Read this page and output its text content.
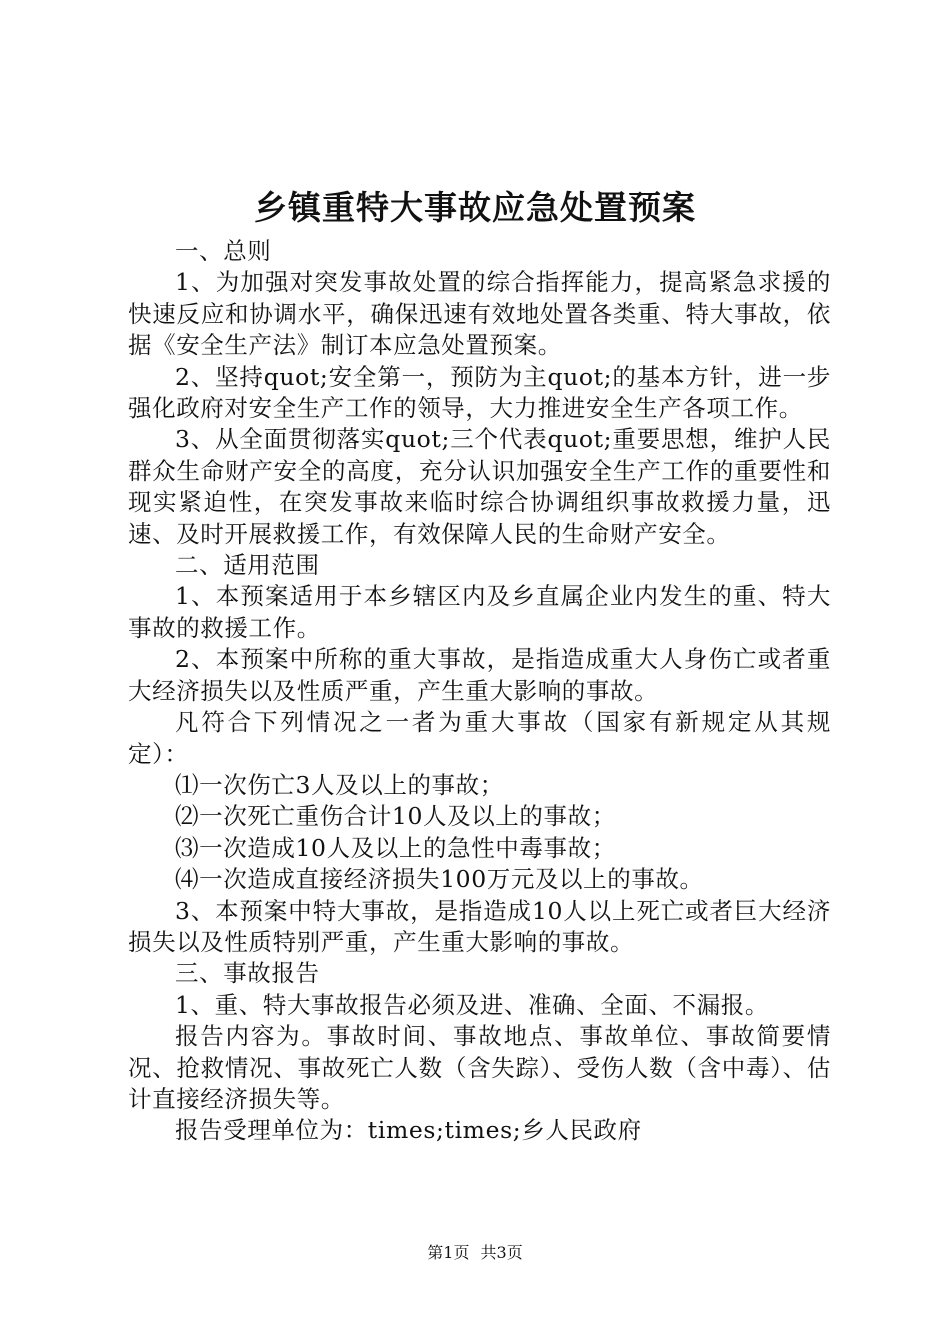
乡镇重特大事故应急处置预案

一、总则

1、为加强对突发事故处置的综合指挥能力，提高紧急求援的快速反应和协调水平，确保迅速有效地处置各类重、特大事故，依据《安全生产法》制订本应急处置预案。

2、坚持quot;安全第一，预防为主quot;的基本方针，进一步强化政府对安全生产工作的领导，大力推进安全生产各项工作。

3、从全面贯彻落实quot;三个代表quot;重要思想，维护人民群众生命财产安全的高度，充分认识加强安全生产工作的重要性和现实紧迫性，在突发事故来临时综合协调组织事故救援力量，迅速、及时开展救援工作，有效保障人民的生命财产安全。

二、适用范围

1、本预案适用于本乡辖区内及乡直属企业内发生的重、特大事故的救援工作。

2、本预案中所称的重大事故，是指造成重大人身伤亡或者重大经济损失以及性质严重，产生重大影响的事故。

凡符合下列情况之一者为重大事故（国家有新规定从其规定）：

⑴一次伤亡3人及以上的事故；

⑵一次死亡重伤合计10人及以上的事故；

⑶一次造成10人及以上的急性中毒事故；

⑷一次造成直接经济损失100万元及以上的事故。

3、本预案中特大事故，是指造成10人以上死亡或者巨大经济损失以及性质特别严重，产生重大影响的事故。

三、事故报告

1、重、特大事故报告必须及进、准确、全面、不漏报。

报告内容为。事故时间、事故地点、事故单位、事故简要情况、抢救情况、事故死亡人数（含失踪）、受伤人数（含中毒）、估计直接经济损失等。

报告受理单位为：times;times;乡人民政府

第1页 共3页
